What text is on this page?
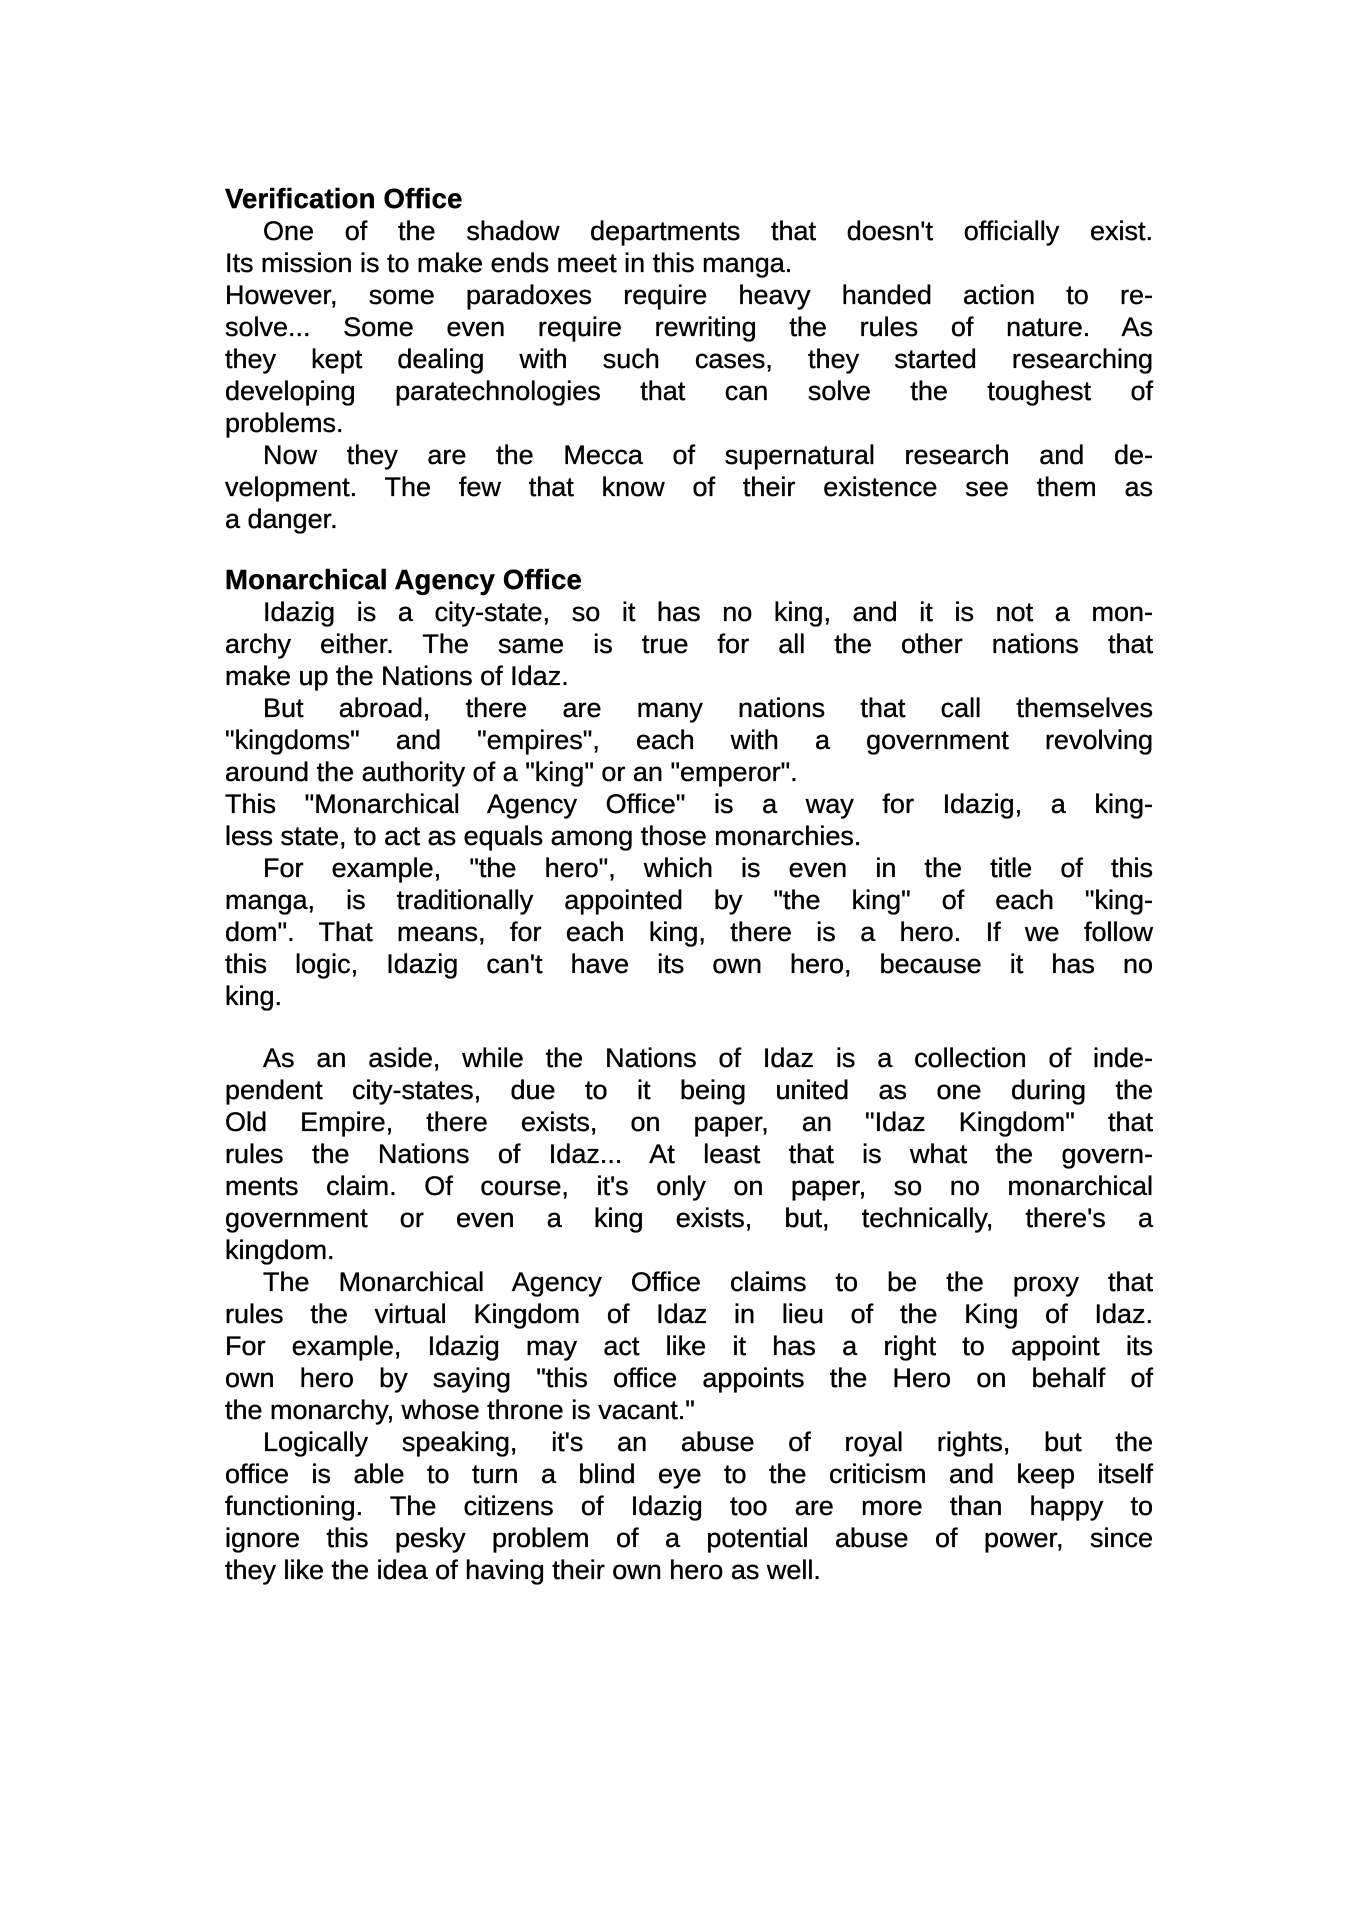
Verification Office
One of the shadow departments that doesn't officially exist.
Its mission is to make ends meet in this manga.
However, some paradoxes require heavy handed action to re-
solve... Some even require rewriting the rules of nature. As
they kept dealing with such cases, they started researching
developing paratechnologies that can solve the toughest of
problems.
Now they are the Mecca of supernatural research and de-
velopment. The few that know of their existence see them as
a danger.
Monarchical Agency Office
Idazig is a city-state, so it has no king, and it is not a mon-
archy either. The same is true for all the other nations that
make up the Nations of Idaz.
But abroad, there are many nations that call themselves
"kingdoms" and "empires", each with a government revolving
around the authority of a "king" or an "emperor".
This "Monarchical Agency Office" is a way for Idazig, a king-
less state, to act as equals among those monarchies.
For example, "the hero", which is even in the title of this
manga, is traditionally appointed by "the king" of each "king-
dom". That means, for each king, there is a hero. If we follow
this logic, Idazig can't have its own hero, because it has no
king.
As an aside, while the Nations of Idaz is a collection of inde-
pendent city-states, due to it being united as one during the
Old Empire, there exists, on paper, an "Idaz Kingdom" that
rules the Nations of Idaz... At least that is what the govern-
ments claim. Of course, it's only on paper, so no monarchical
government or even a king exists, but, technically, there's a
kingdom.
The Monarchical Agency Office claims to be the proxy that
rules the virtual Kingdom of Idaz in lieu of the King of Idaz.
For example, Idazig may act like it has a right to appoint its
own hero by saying "this office appoints the Hero on behalf of
the monarchy, whose throne is vacant."
Logically speaking, it's an abuse of royal rights, but the
office is able to turn a blind eye to the criticism and keep itself
functioning. The citizens of Idazig too are more than happy to
ignore this pesky problem of a potential abuse of power, since
they like the idea of having their own hero as well.
